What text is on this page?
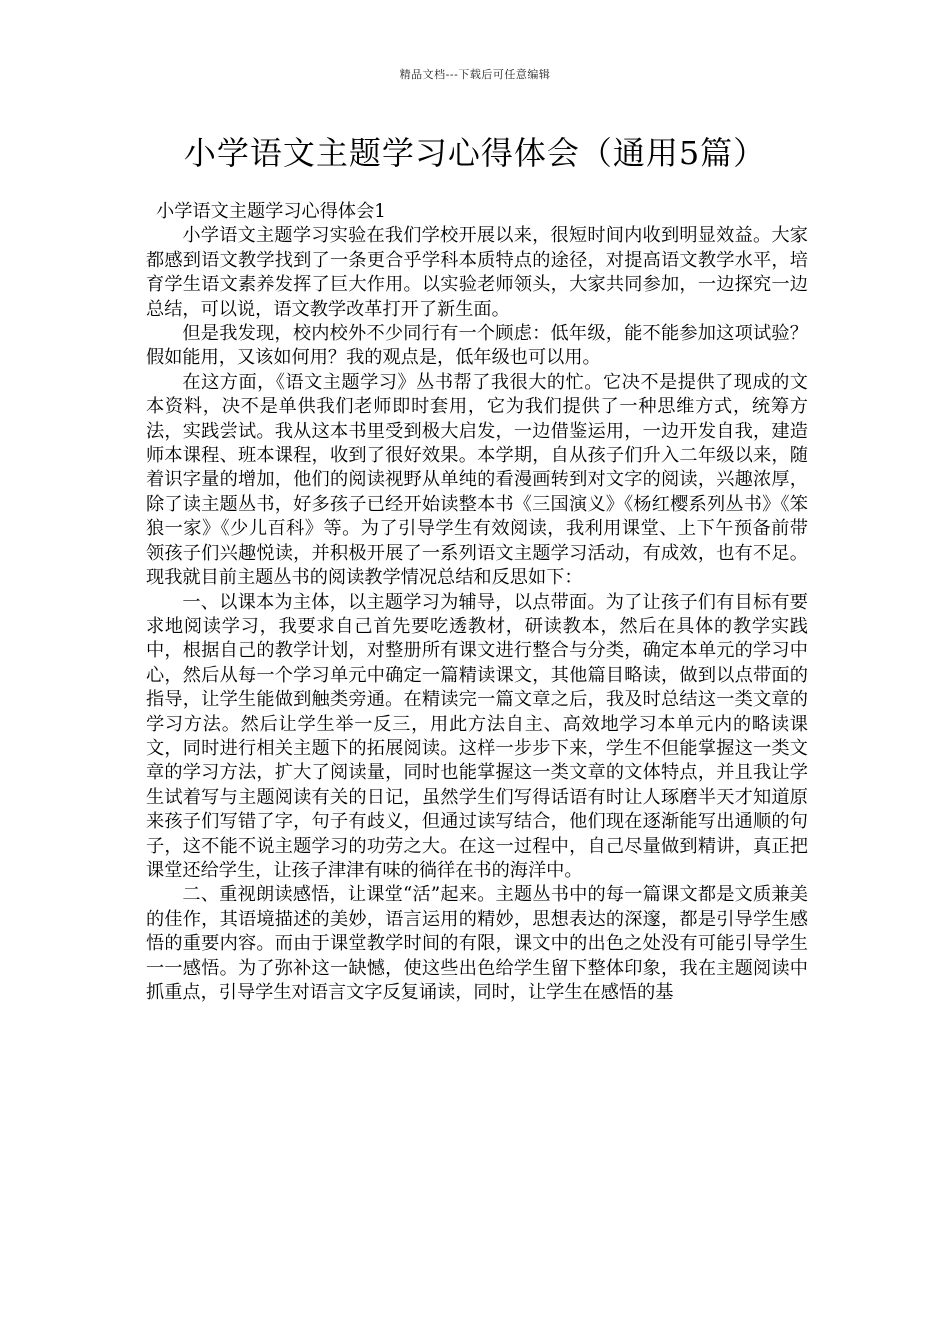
精品文档---下载后可任意编辑
小学语文主题学习心得体会（通用5篇）
小学语文主题学习心得体会1

小学语文主题学习实验在我们学校开展以来，很短时间内收到明显效益。大家都感到语文教学找到了一条更合乎学科本质特点的途径，对提高语文教学水平，培育学生语文素养发挥了巨大作用。以实验老师领头，大家共同参加，一边探究一边总结，可以说，语文教学改革打开了新生面。

但是我发现，校内校外不少同行有一个顾虑：低年级，能不能参加这项试验？假如能用，又该如何用？我的观点是，低年级也可以用。

在这方面，《语文主题学习》丛书帮了我很大的忙。它决不是提供了现成的文本资料，决不是单供我们老师即时套用，它为我们提供了一种思维方式，统筹方法，实践尝试。我从这本书里受到极大启发，一边借鉴运用，一边开发自我，建造师本课程、班本课程，收到了很好效果。本学期，自从孩子们升入二年级以来，随着识字量的增加，他们的阅读视野从单纯的看漫画转到对文字的阅读，兴趣浓厚，除了读主题丛书，好多孩子已经开始读整本书《三国演义》《杨红樱系列丛书》《笨狼一家》《少儿百科》等。为了引导学生有效阅读，我利用课堂、上下午预备前带领孩子们兴趣悦读，并积极开展了一系列语文主题学习活动，有成效，也有不足。现我就目前主题丛书的阅读教学情况总结和反思如下：

一、以课本为主体，以主题学习为辅导，以点带面。为了让孩子们有目标有要求地阅读学习，我要求自己首先要吃透教材，研读教本，然后在具体的教学实践中，根据自己的教学计划，对整册所有课文进行整合与分类，确定本单元的学习中心，然后从每一个学习单元中确定一篇精读课文，其他篇目略读，做到以点带面的指导，让学生能做到触类旁通。在精读完一篇文章之后，我及时总结这一类文章的学习方法。然后让学生举一反三，用此方法自主、高效地学习本单元内的略读课文，同时进行相关主题下的拓展阅读。这样一步步下来，学生不但能掌握这一类文章的学习方法，扩大了阅读量，同时也能掌握这一类文章的文体特点，并且我让学生试着写与主题阅读有关的日记，虽然学生们写得话语有时让人琢磨半天才知道原来孩子们写错了字，句子有歧义，但通过读写结合，他们现在逐渐能写出通顺的句子，这不能不说主题学习的功劳之大。在这一过程中，自己尽量做到精讲，真正把课堂还给学生，让孩子津津有味的徜徉在书的海洋中。

二、重视朗读感悟，让课堂“活”起来。主题丛书中的每一篇课文都是文质兼美的佳作，其语境描述的美妙，语言运用的精妙，思想表达的深邃，都是引导学生感悟的重要内容。而由于课堂教学时间的有限，课文中的出色之处没有可能引导学生一一感悟。为了弥补这一缺憾，使这些出色给学生留下整体印象，我在主题阅读中抓重点，引导学生对语言文字反复诵读，同时，让学生在感悟的基
